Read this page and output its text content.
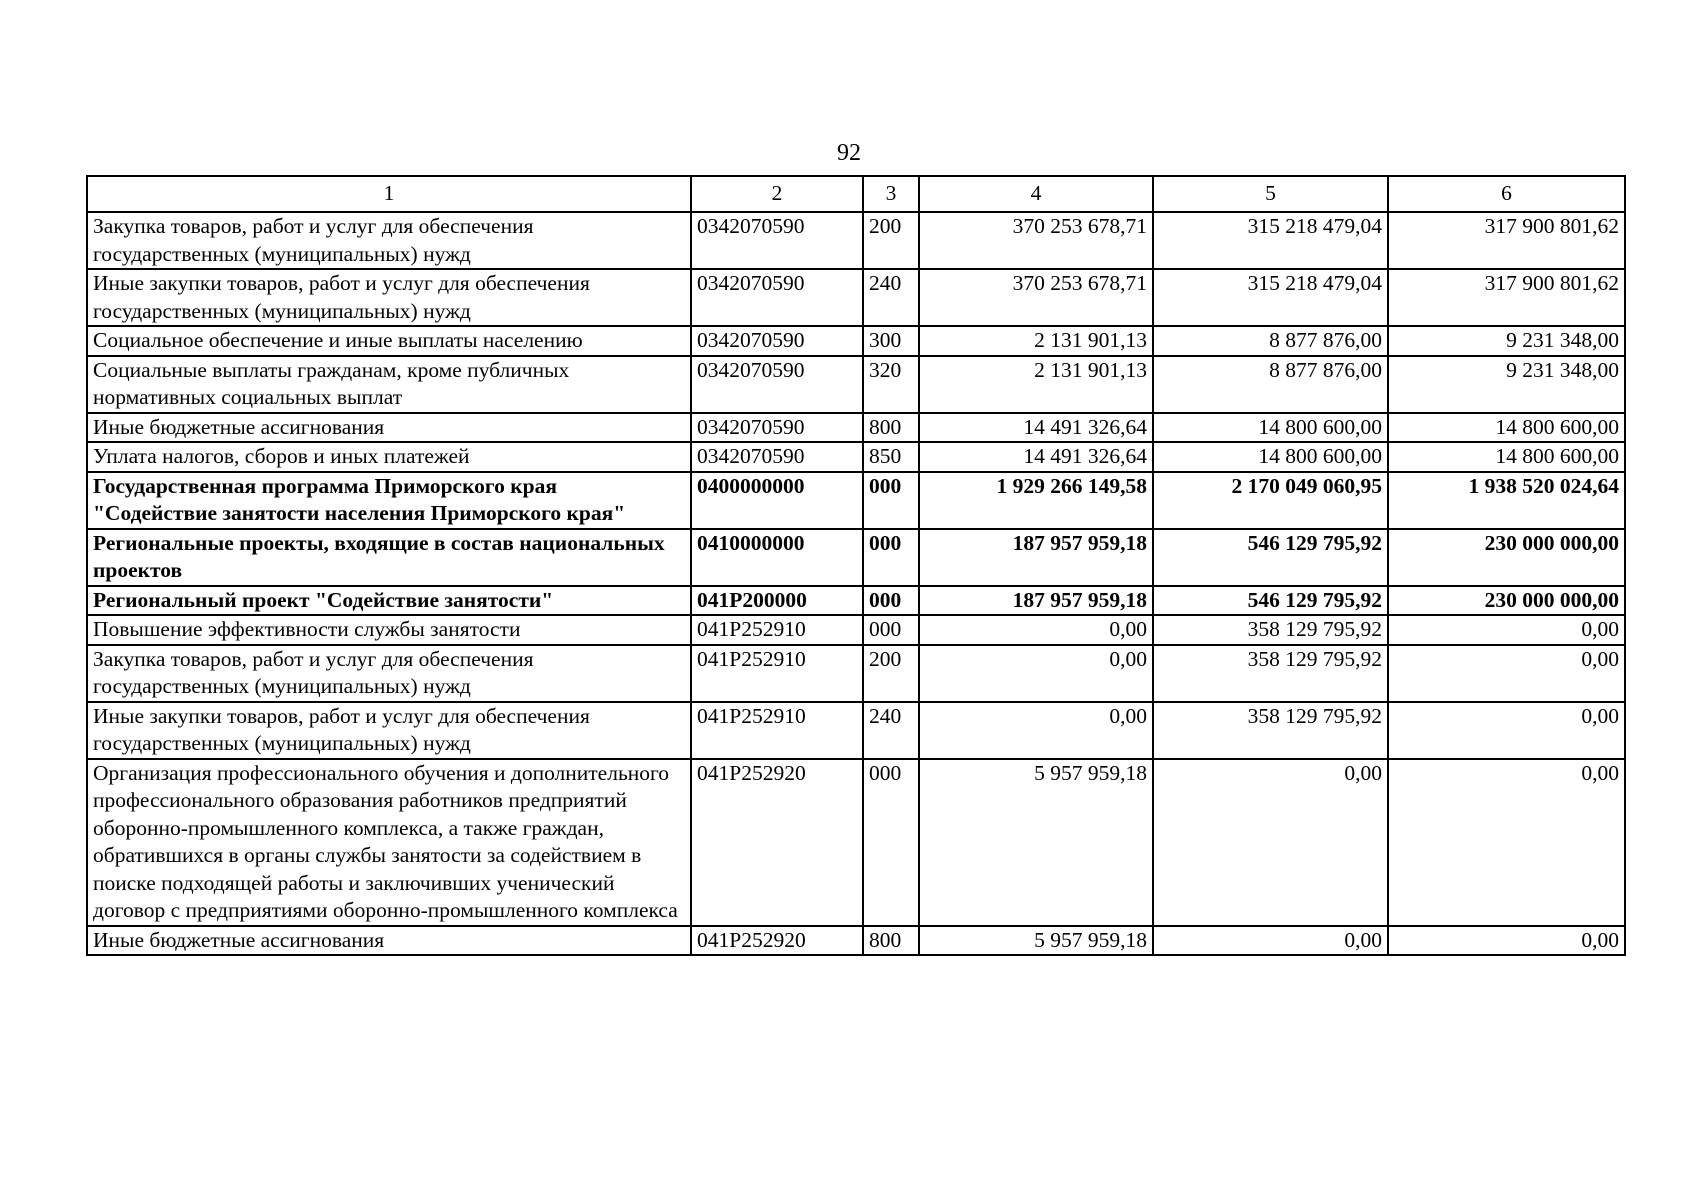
92
1	2	3	4	5	6
Закупка товаров, работ и услуг для обеспечения государственных (муниципальных) нужд	0342070590	200	370 253 678,71	315 218 479,04	317 900 801,62
Иные закупки товаров, работ и услуг для обеспечения государственных (муниципальных) нужд	0342070590	240	370 253 678,71	315 218 479,04	317 900 801,62
Социальное обеспечение и иные выплаты населению	0342070590	300	2 131 901,13	8 877 876,00	9 231 348,00
Социальные выплаты гражданам, кроме публичных нормативных социальных выплат	0342070590	320	2 131 901,13	8 877 876,00	9 231 348,00
Иные бюджетные ассигнования	0342070590	800	14 491 326,64	14 800 600,00	14 800 600,00
Уплата налогов, сборов и иных платежей	0342070590	850	14 491 326,64	14 800 600,00	14 800 600,00
Государственная программа Приморского края "Содействие занятости населения Приморского края"	0400000000	000	1 929 266 149,58	2 170 049 060,95	1 938 520 024,64
Региональные проекты, входящие в состав национальных проектов	0410000000	000	187 957 959,18	546 129 795,92	230 000 000,00
Региональный проект "Содействие занятости"	041P200000	000	187 957 959,18	546 129 795,92	230 000 000,00
Повышение эффективности службы занятости	041P252910	000	0,00	358 129 795,92	0,00
Закупка товаров, работ и услуг для обеспечения государственных (муниципальных) нужд	041P252910	200	0,00	358 129 795,92	0,00
Иные закупки товаров, работ и услуг для обеспечения государственных (муниципальных) нужд	041P252910	240	0,00	358 129 795,92	0,00
Организация профессионального обучения и дополнительного профессионального образования работников предприятий оборонно-промышленного комплекса, а также граждан, обратившихся в органы службы занятости за содействием в поиске подходящей работы и заключивших ученический договор с предприятиями оборонно-промышленного комплекса	041P252920	000	5 957 959,18	0,00	0,00
Иные бюджетные ассигнования	041P252920	800	5 957 959,18	0,00	0,00
